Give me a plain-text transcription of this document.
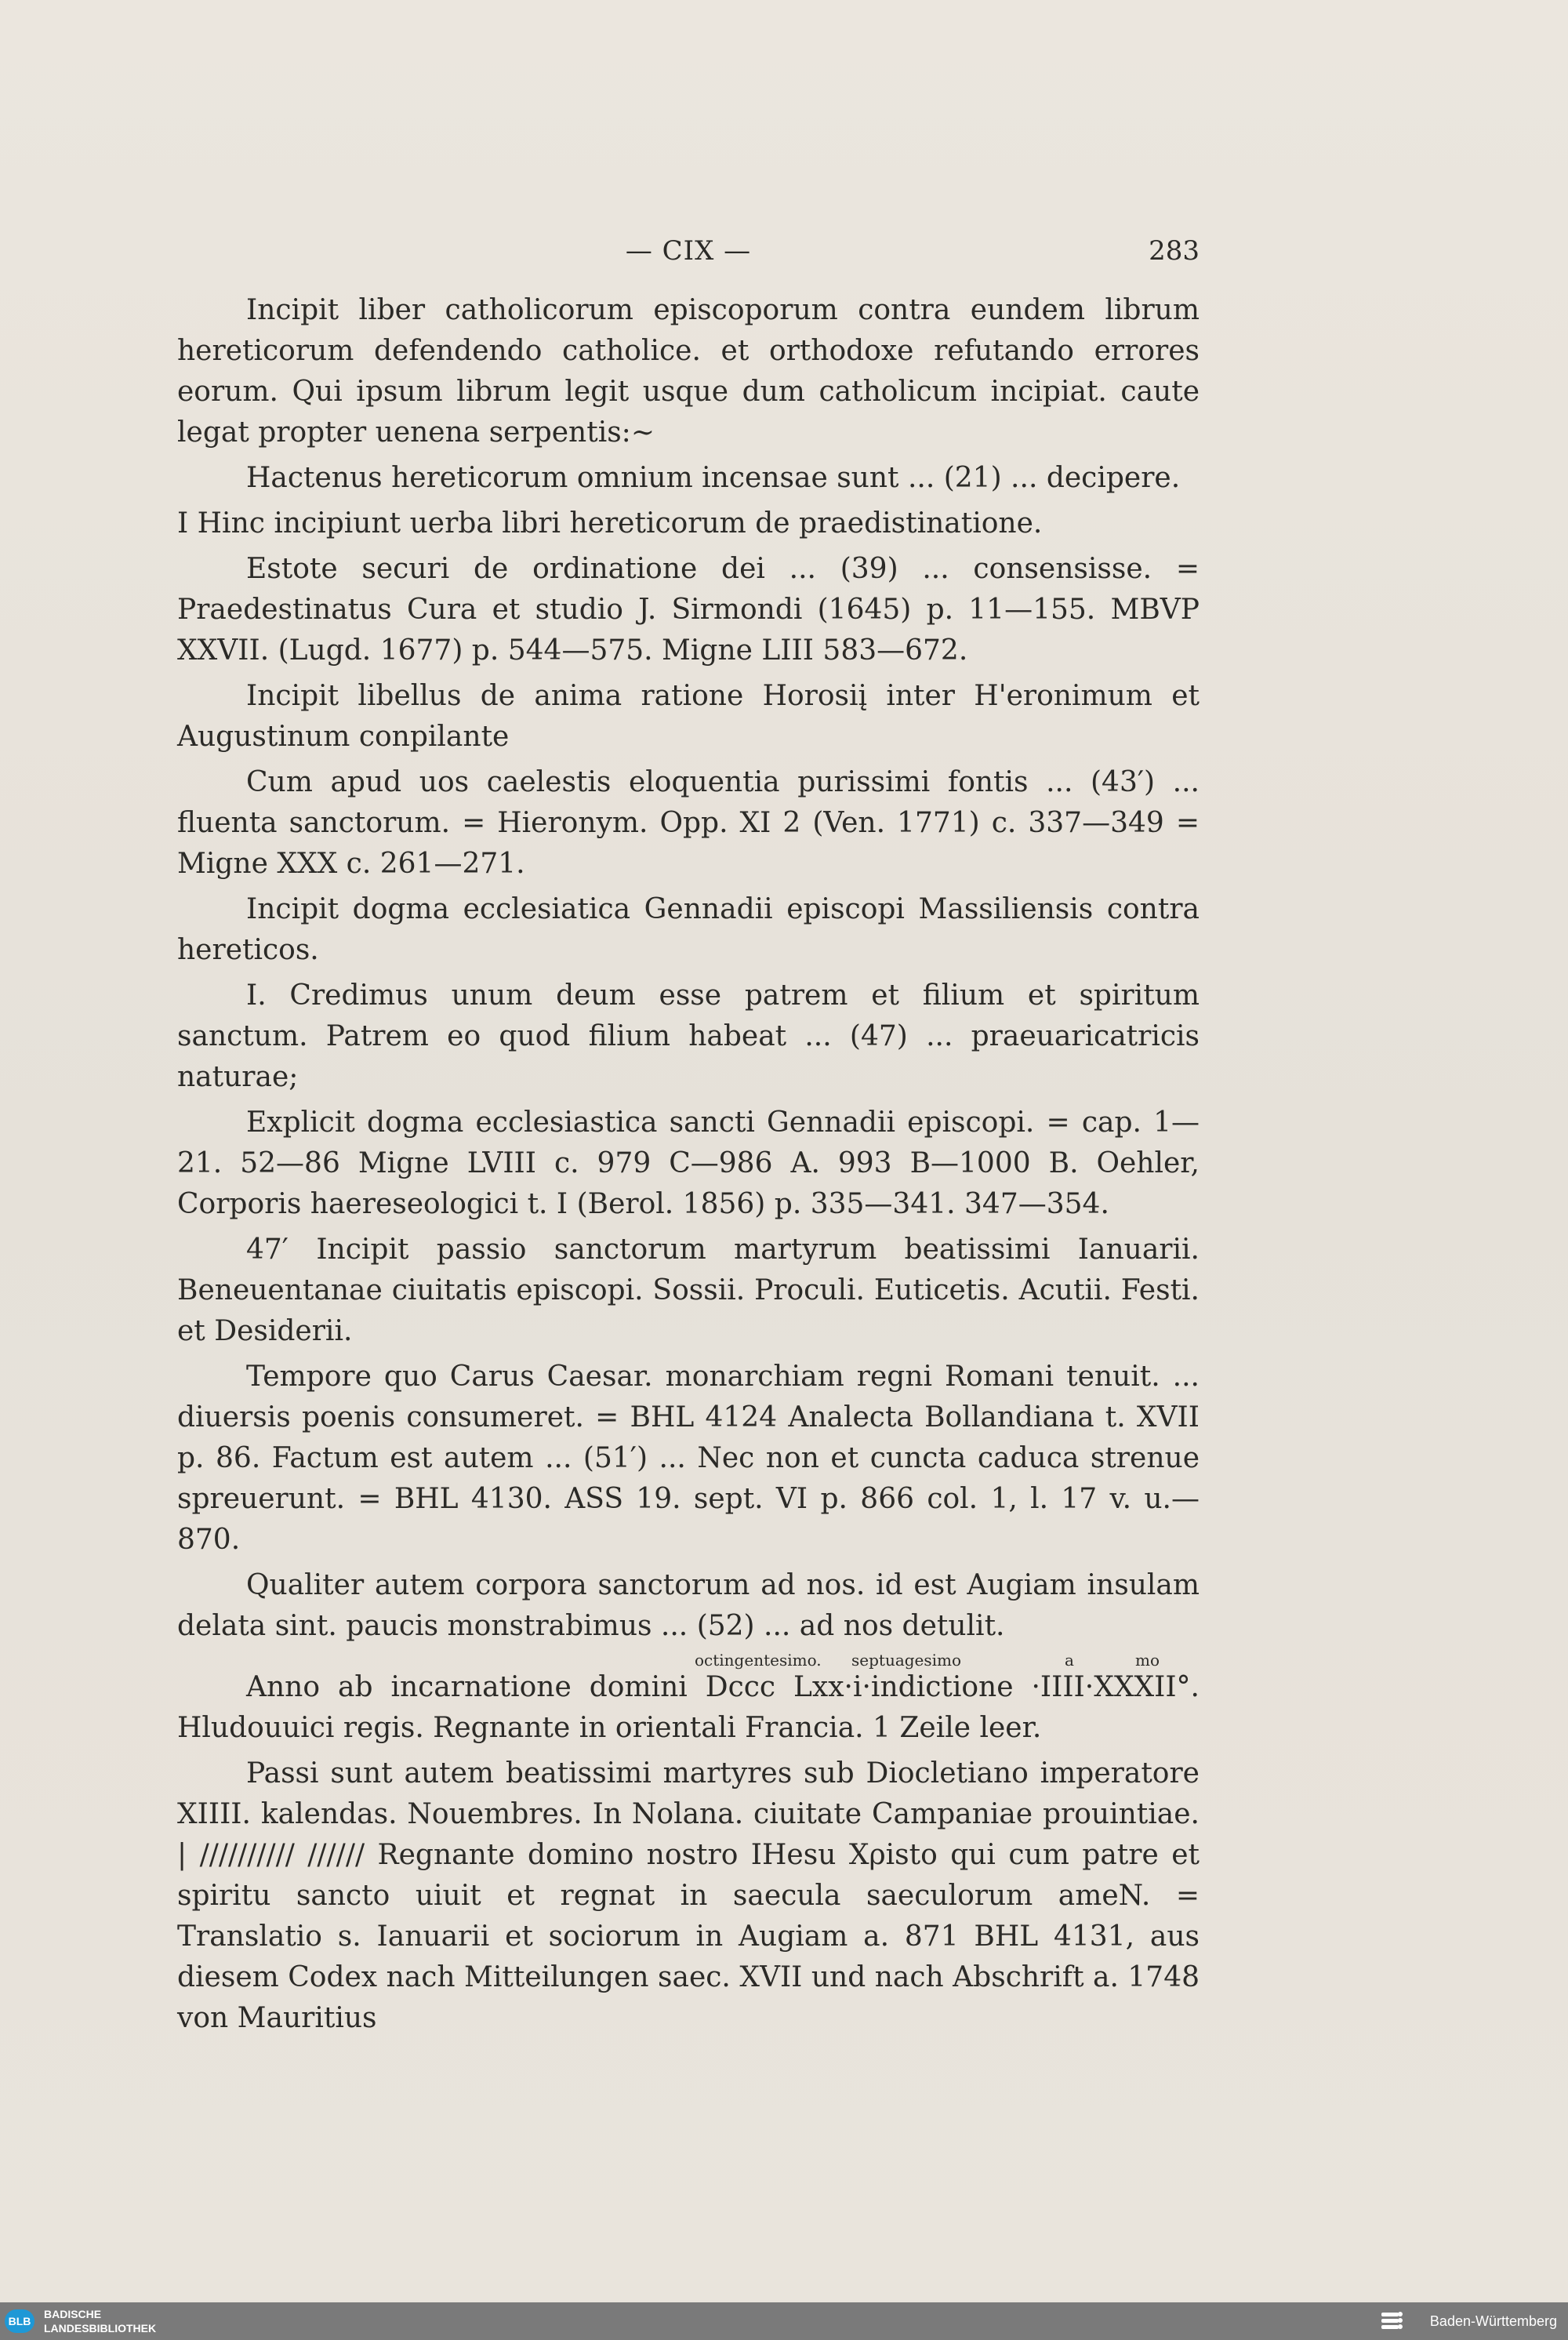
— CIX —	283

Incipit liber catholicorum episcoporum contra eundem librum hereticorum defendendo catholice. et orthodoxe refutando errores eorum. Qui ipsum librum legit usque dum catholicum incipiat. caute legat propter uenena serpentis:∼

Hactenus hereticorum omnium incensae sunt ... (21) ... decipere.

I Hinc incipiunt uerba libri hereticorum de praedistinatione.

Estote securi de ordinatione dei ... (39) ... consensisse. = Praedestinatus Cura et studio J. Sirmondi (1645) p. 11—155. MBVP XXVII. (Lugd. 1677) p. 544—575. Migne LIII 583—672.

Incipit libellus de anima ratione Horosiį inter H'eronimum et Augustinum conpilante

Cum apud uos caelestis eloquentia purissimi fontis ... (43′) ... fluenta sanctorum. = Hieronym. Opp. XI 2 (Ven. 1771) c. 337—349 = Migne XXX c. 261—271.

Incipit dogma ecclesiatica Gennadii episcopi Massiliensis contra hereticos.

I. Credimus unum deum esse patrem et filium et spiritum sanctum. Patrem eo quod filium habeat ... (47) ... praeuaricatricis naturae;

Explicit dogma ecclesiastica sancti Gennadii episcopi. = cap. 1—21. 52—86 Migne LVIII c. 979 C—986 A. 993 B—1000 B. Oehler, Corporis haereseologici t. I (Berol. 1856) p. 335—341. 347—354.

47′ Incipit passio sanctorum martyrum beatissimi Ianuarii. Beneuentanae ciuitatis episcopi. Sossii. Proculi. Euticetis. Acutii. Festi. et Desiderii.

Tempore quo Carus Caesar. monarchiam regni Romani tenuit. ... diuersis poenis consumeret. = BHL 4124 Analecta Bollandiana t. XVII p. 86. Factum est autem ... (51′) ... Nec non et cuncta caduca strenue spreuerunt. = BHL 4130. ASS 19. sept. VI p. 866 col. 1, l. 17 v. u.—870.

Qualiter autem corpora sanctorum ad nos. id est Augiam insulam delata sint. paucis monstrabimus ... (52) ... ad nos detulit.

octingentesimo. septuagesimo	a	mo

Anno ab incarnatione domini Dccc Lxx·i·indictione ·IIII·XXXII°. Hludouuici regis. Regnante in orientali Francia. 1 Zeile leer.

Passi sunt autem beatissimi martyres sub Diocletiano imperatore XIIII. kalendas. Nouembres. In Nolana. ciuitate Campaniae prouintiae. | ////////// ////// Regnante domino nostro IHesu Xρisto qui cum patre et spiritu sancto uiuit et regnat in saecula saeculorum ameN. = Translatio s. Ianuarii et sociorum in Augiam a. 871 BHL 4131, aus diesem Codex nach Mitteilungen saec. XVII und nach Abschrift a. 1748 von Mauritius

BLB
BADISCHE
LANDESBIBLIOTHEK	Baden-Württemberg
